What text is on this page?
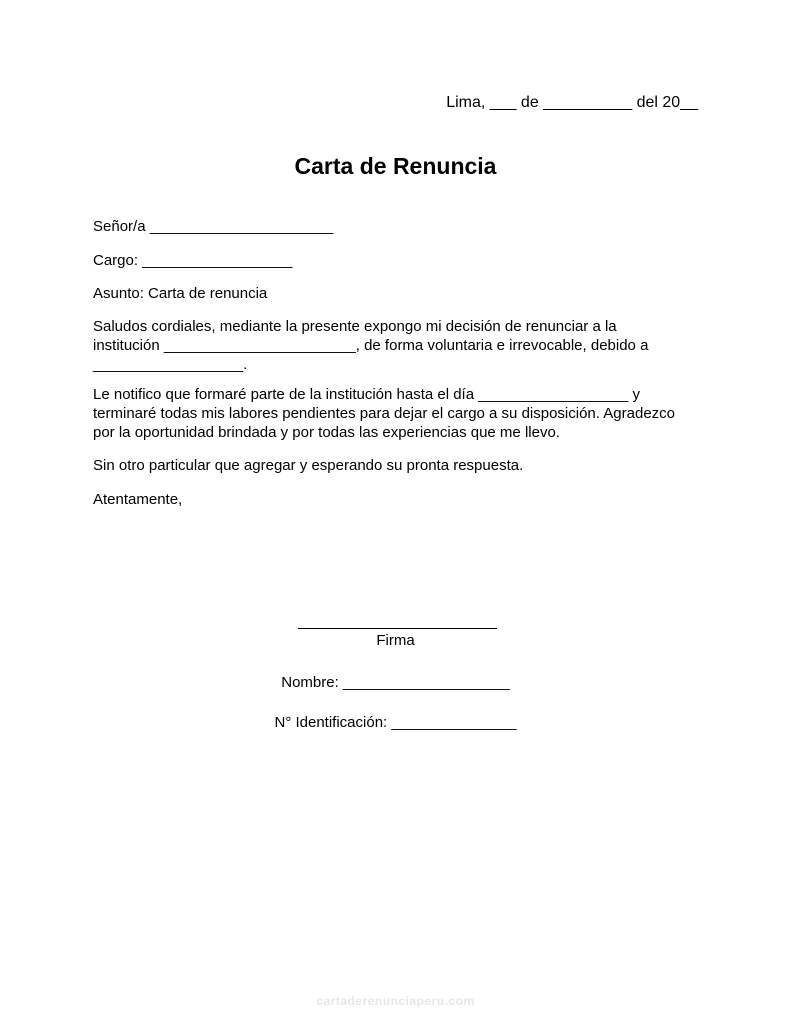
Lima, ___ de __________ del 20__
Carta de Renuncia
Señor/a ______________________
Cargo: __________________
Asunto: Carta de renuncia

Saludos cordiales, mediante la presente expongo mi decisión de renunciar a la

institución _______________________, de forma voluntaria e irrevocable, debido a

__________________.

Le notifico que formaré parte de la institución hasta el día __________________ y

terminaré todas mis labores pendientes para dejar el cargo a su disposición. Agradezco

por la oportunidad brindada y por todas las experiencias que me llevo.

Sin otro particular que agregar y esperando su pronta respuesta.
Atentamente,
Firma
Nombre: ____________________
N° Identificación: _______________
cartaderenunciaperu.com
